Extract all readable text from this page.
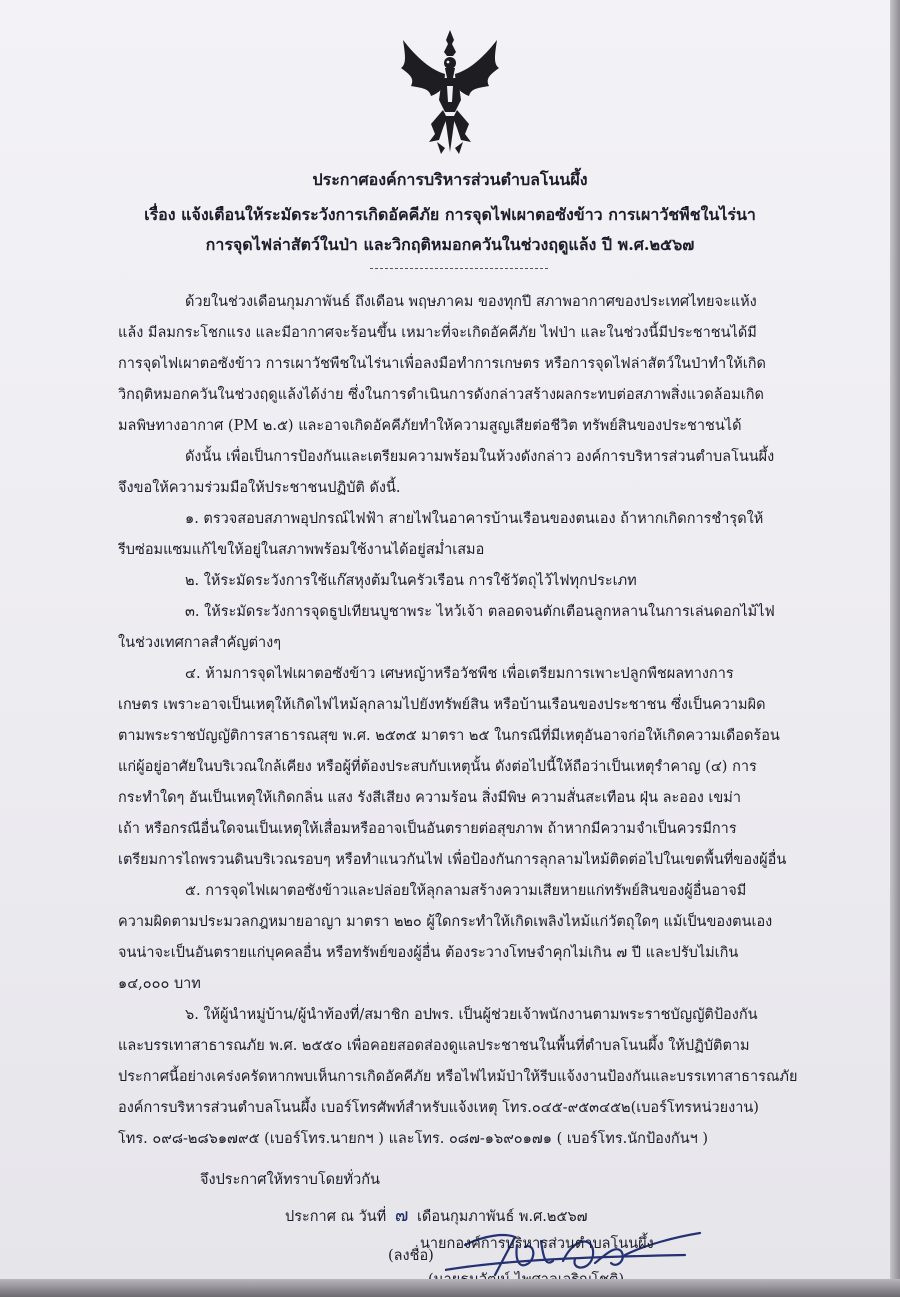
ประกาศองค์การบริหารส่วนตำบลโนนผึ้ง
เรื่อง แจ้งเตือนให้ระมัดระวังการเกิดอัคคีภัย การจุดไฟเผาตอซังข้าว การเผาวัชพืชในไร่นา
การจุดไฟล่าสัตว์ในป่า และวิกฤติหมอกควันในช่วงฤดูแล้ง ปี พ.ศ.๒๕๖๗
ด้วยในช่วงเดือนกุมภาพันธ์ ถึงเดือน พฤษภาคม ของทุกปี สภาพอากาศของประเทศไทยจะแห้ง
แล้ง มีลมกระโชกแรง และมีอากาศจะร้อนขึ้น เหมาะที่จะเกิดอัคคีภัย ไฟป่า และในช่วงนี้มีประชาชนได้มี
การจุดไฟเผาตอซังข้าว การเผาวัชพืชในไร่นาเพื่อลงมือทำการเกษตร หรือการจุดไฟล่าสัตว์ในป่าทำให้เกิด
วิกฤติหมอกควันในช่วงฤดูแล้งได้ง่าย ซึ่งในการดำเนินการดังกล่าวสร้างผลกระทบต่อสภาพสิ่งแวดล้อมเกิด
มลพิษทางอากาศ (PM ๒.๕) และอาจเกิดอัคคีภัยทำให้ความสูญเสียต่อชีวิต ทรัพย์สินของประชาชนได้
ดังนั้น เพื่อเป็นการป้องกันและเตรียมความพร้อมในห้วงดังกล่าว องค์การบริหารส่วนตำบลโนนผึ้ง
จึงขอให้ความร่วมมือให้ประชาชนปฏิบัติ ดังนี้.
๑. ตรวจสอบสภาพอุปกรณ์ไฟฟ้า สายไฟในอาคารบ้านเรือนของตนเอง ถ้าหากเกิดการชำรุดให้
รีบซ่อมแซมแก้ไขให้อยู่ในสภาพพร้อมใช้งานได้อยู่สม่ำเสมอ
๒. ให้ระมัดระวังการใช้แก๊สหุงต้มในครัวเรือน การใช้วัตถุไว้ไฟทุกประเภท
๓. ให้ระมัดระวังการจุดธูปเทียนบูชาพระ ไหว้เจ้า ตลอดจนตักเตือนลูกหลานในการเล่นดอกไม้ไฟ
ในช่วงเทศกาลสำคัญต่างๆ
๔. ห้ามการจุดไฟเผาตอซังข้าว เศษหญ้าหรือวัชพืช เพื่อเตรียมการเพาะปลูกพืชผลทางการ
เกษตร เพราะอาจเป็นเหตุให้เกิดไฟไหม้ลุกลามไปยังทรัพย์สิน หรือบ้านเรือนของประชาชน ซึ่งเป็นความผิด
ตามพระราชบัญญัติการสาธารณสุข พ.ศ. ๒๕๓๕ มาตรา ๒๕ ในกรณีที่มีเหตุอันอาจก่อให้เกิดความเดือดร้อน
แก่ผู้อยู่อาศัยในบริเวณใกล้เคียง หรือผู้ที่ต้องประสบกับเหตุนั้น ดังต่อไปนี้ให้ถือว่าเป็นเหตุรำคาญ (๔) การ
กระทำใดๆ อันเป็นเหตุให้เกิดกลิ่น แสง รังสีเสียง ความร้อน สิ่งมีพิษ ความสั่นสะเทือน ฝุ่น ละออง เขม่า
เถ้า หรือกรณีอื่นใดจนเป็นเหตุให้เสื่อมหรืออาจเป็นอันตรายต่อสุขภาพ ถ้าหากมีความจำเป็นควรมีการ
เตรียมการไถพรวนดินบริเวณรอบๆ หรือทำแนวกันไฟ เพื่อป้องกันการลุกลามไหม้ติดต่อไปในเขตพื้นที่ของผู้อื่น
๕. การจุดไฟเผาตอซังข้าวและปล่อยให้ลุกลามสร้างความเสียหายแก่ทรัพย์สินของผู้อื่นอาจมี
ความผิดตามประมวลกฎหมายอาญา มาตรา ๒๒๐ ผู้ใดกระทำให้เกิดเพลิงไหม้แก่วัตถุใดๆ แม้เป็นของตนเอง
จนน่าจะเป็นอันตรายแก่บุคคลอื่น หรือทรัพย์ของผู้อื่น ต้องระวางโทษจำคุกไม่เกิน ๗ ปี และปรับไม่เกิน
๑๔,๐๐๐ บาท
๖. ให้ผู้นำหมู่บ้าน/ผู้นำท้องที่/สมาชิก อปพร. เป็นผู้ช่วยเจ้าพนักงานตามพระราชบัญญัติป้องกัน
และบรรเทาสาธารณภัย พ.ศ. ๒๕๕๐ เพื่อคอยสอดส่องดูแลประชาชนในพื้นที่ตำบลโนนผึ้ง ให้ปฏิบัติตาม
ประกาศนี้อย่างเคร่งครัดหากพบเห็นการเกิดอัคคีภัย หรือไฟไหม้ป่าให้รีบแจ้งงานป้องกันและบรรเทาสาธารณภัย
องค์การบริหารส่วนตำบลโนนผึ้ง เบอร์โทรศัพท์สำหรับแจ้งเหตุ โทร.๐๔๕-๙๕๓๔๕๒(เบอร์โทรหน่วยงาน)
โทร. ๐๙๘-๒๘๖๑๗๙๕ (เบอร์โทร.นายกฯ ) และโทร. ๐๘๗-๑๖๙๐๑๗๑ ( เบอร์โทร.นักป้องกันฯ )
จึงประกาศให้ทราบโดยทั่วกัน
ประกาศ ณ วันที่ ๗ เดือนกุมภาพันธ์ พ.ศ.๒๕๖๗
(ลงชื่อ)
นายกองค์การบริหารส่วนตำบลโนนผึ้ง
